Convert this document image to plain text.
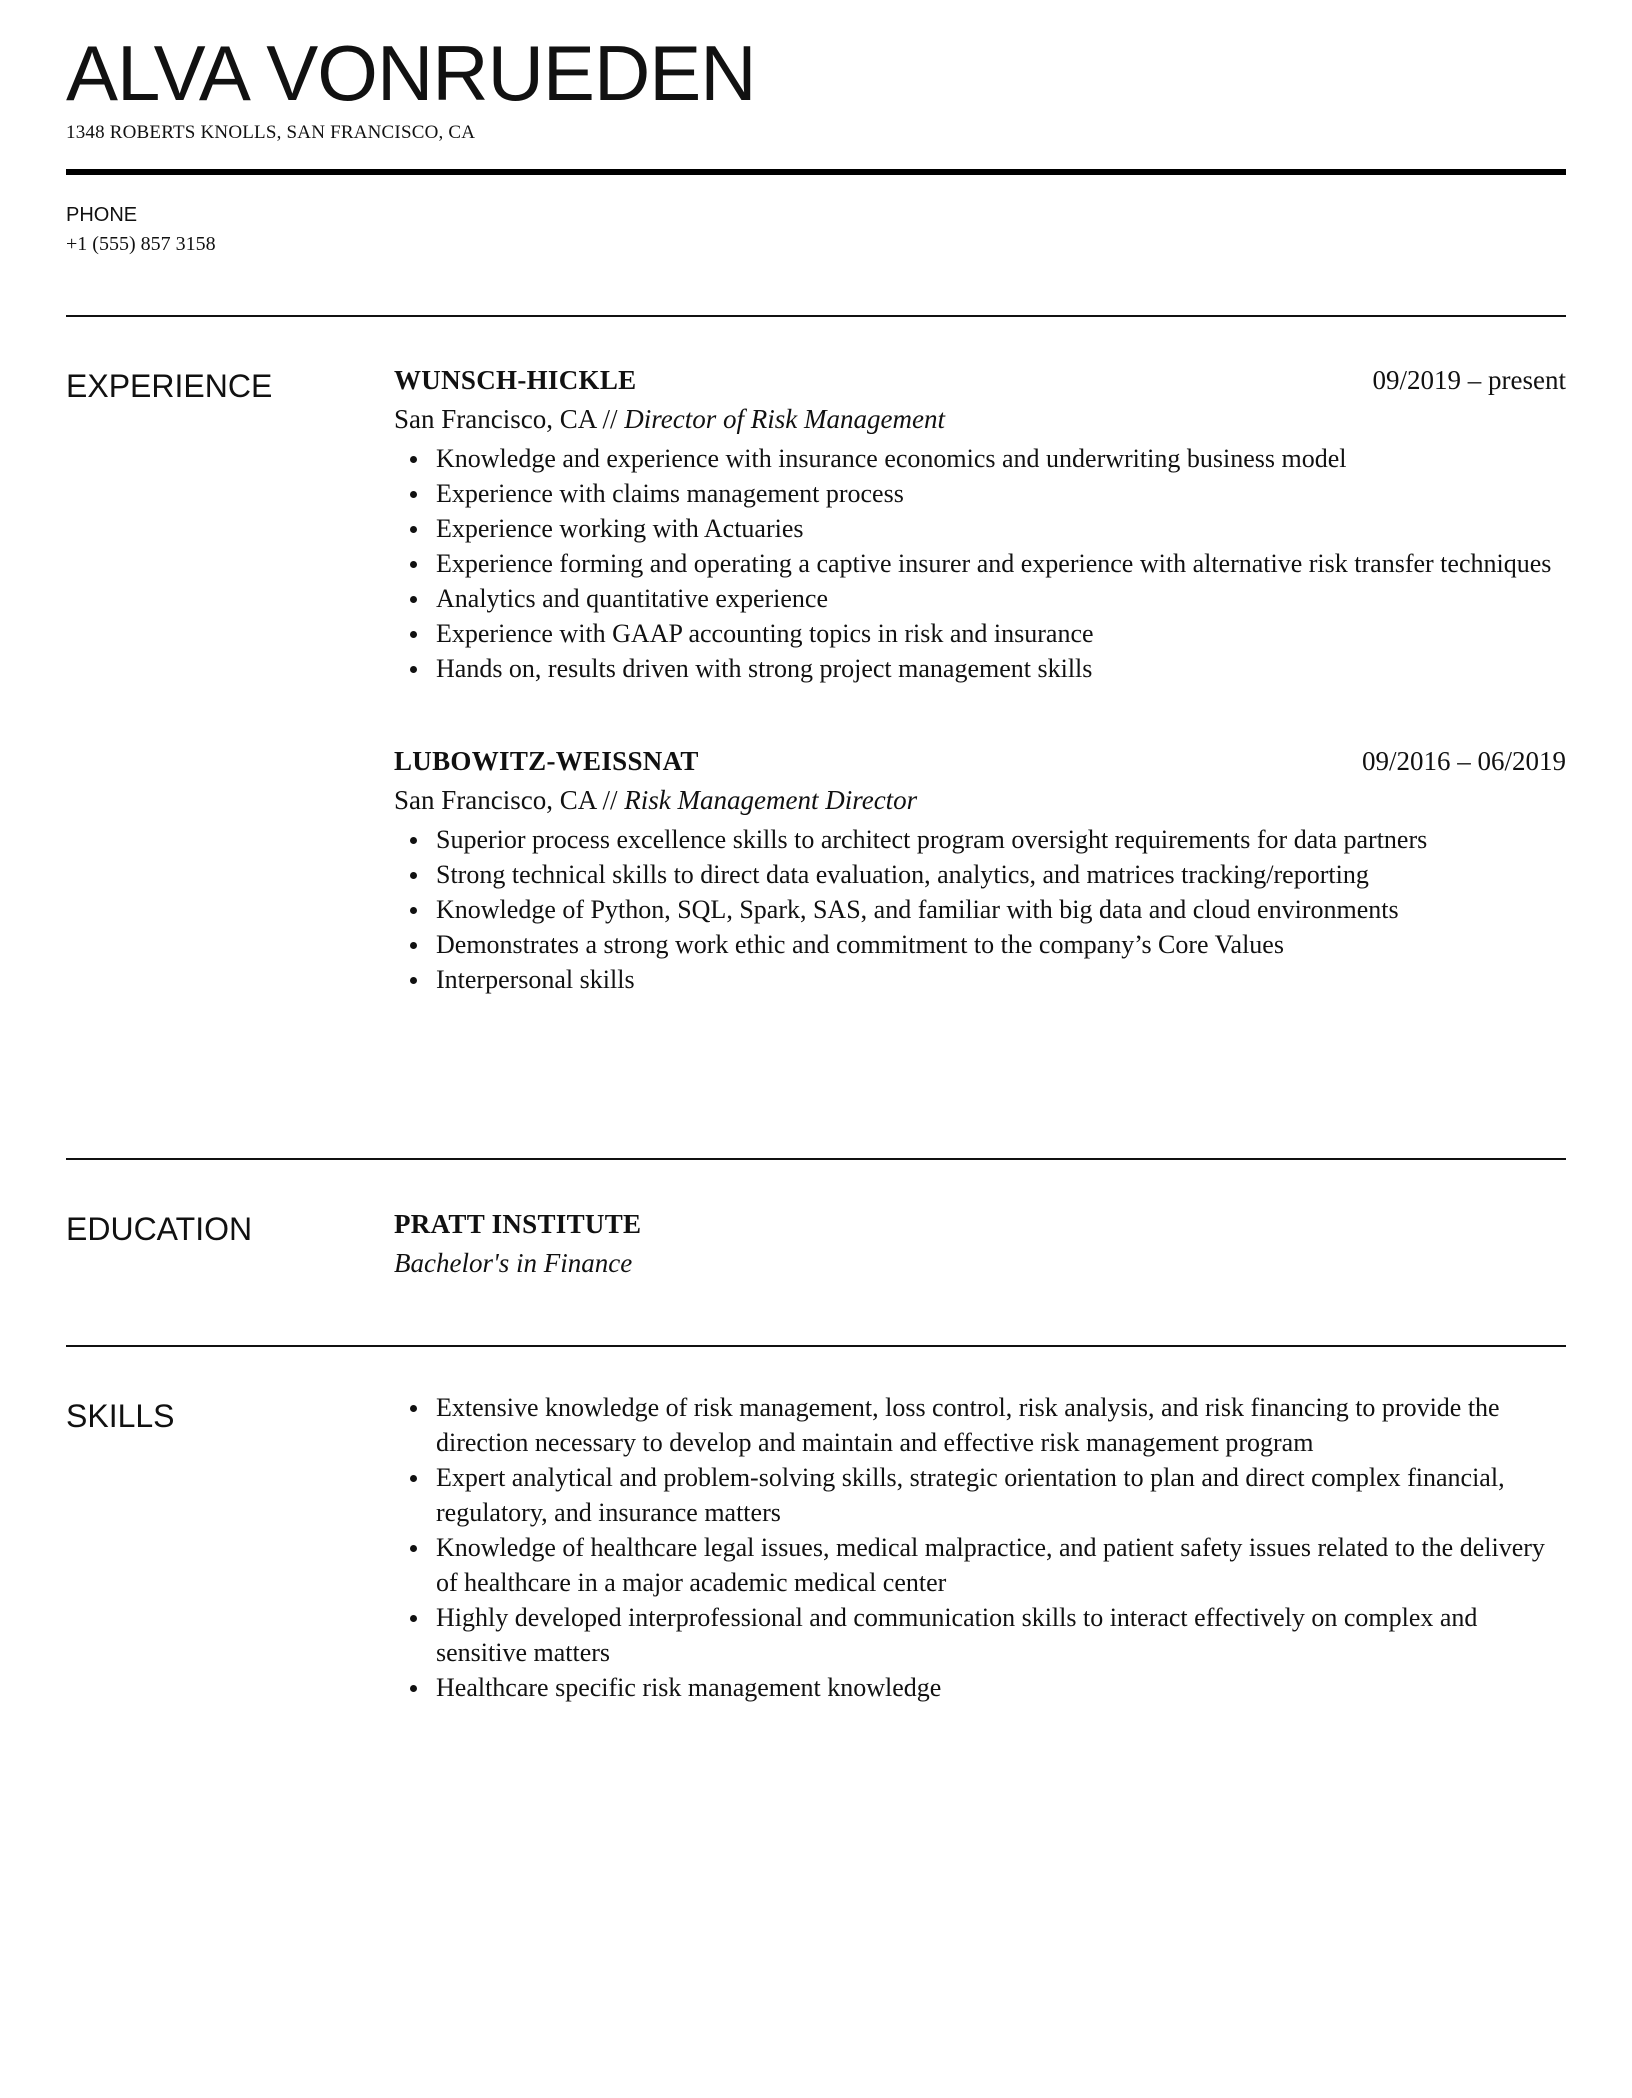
ALVA VONRUEDEN
1348 ROBERTS KNOLLS, SAN FRANCISCO, CA
PHONE
+1 (555) 857 3158
EXPERIENCE	WUNSCH-HICKLE	09/2019 – present
San Francisco, CA // Director of Risk Management
Knowledge and experience with insurance economics and underwriting business model
Experience with claims management process
Experience working with Actuaries
Experience forming and operating a captive insurer and experience with alternative risk transfer techniques
Analytics and quantitative experience
Experience with GAAP accounting topics in risk and insurance
Hands on, results driven with strong project management skills
LUBOWITZ-WEISSNAT	09/2016 – 06/2019
San Francisco, CA // Risk Management Director
Superior process excellence skills to architect program oversight requirements for data partners
Strong technical skills to direct data evaluation, analytics, and matrices tracking/reporting
Knowledge of Python, SQL, Spark, SAS, and familiar with big data and cloud environments
Demonstrates a strong work ethic and commitment to the company’s Core Values
Interpersonal skills
EDUCATION	PRATT INSTITUTE
Bachelor's in Finance
SKILLS	Extensive knowledge of risk management, loss control, risk analysis, and risk financing to provide the direction necessary to develop and maintain and effective risk management program
Expert analytical and problem-solving skills, strategic orientation to plan and direct complex financial, regulatory, and insurance matters
Knowledge of healthcare legal issues, medical malpractice, and patient safety issues related to the delivery of healthcare in a major academic medical center
Highly developed interprofessional and communication skills to interact effectively on complex and sensitive matters
Healthcare specific risk management knowledge
